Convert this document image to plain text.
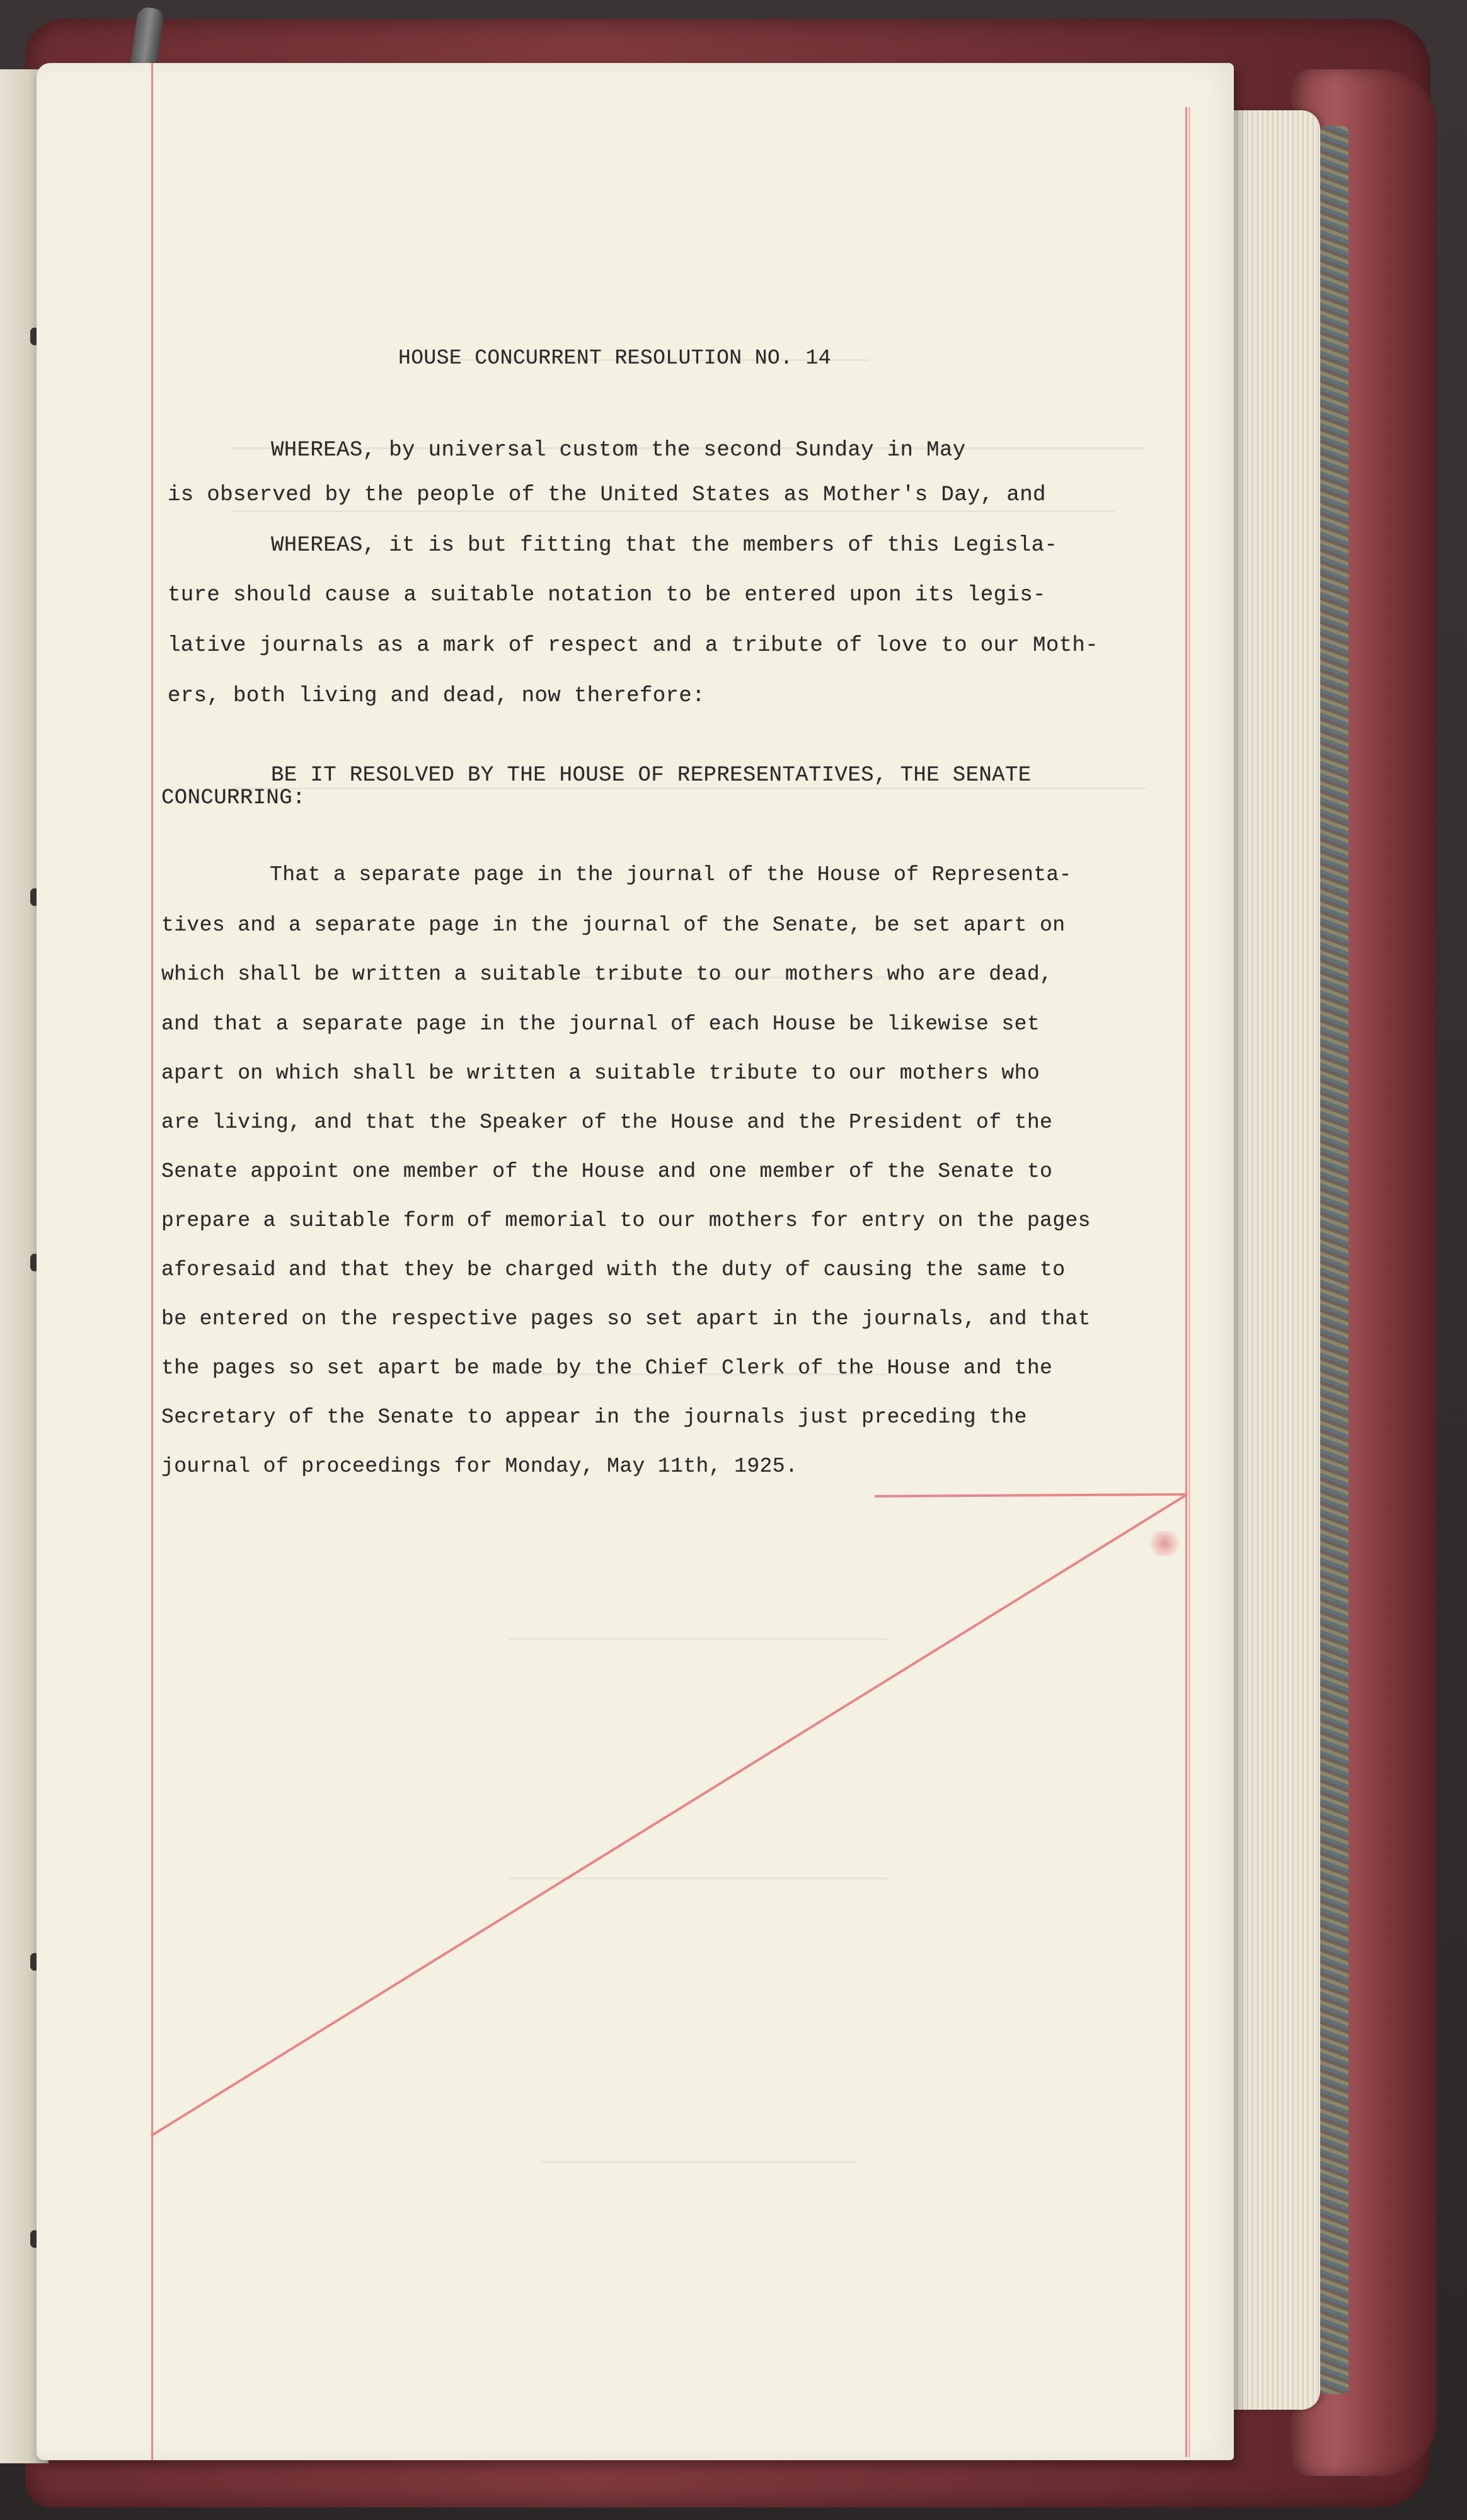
HOUSE CONCURRENT RESOLUTION NO. 14
WHEREAS, by universal custom the second Sunday in May
is observed by the people of the United States as Mother's Day, and
WHEREAS, it is but fitting that the members of this Legisla-
ture should cause a suitable notation to be entered upon its legis-
lative journals as a mark of respect and a tribute of love to our Moth-
ers, both living and dead, now therefore:
BE IT RESOLVED BY THE HOUSE OF REPRESENTATIVES, THE SENATE
CONCURRING:
That a separate page in the journal of the House of Representa-
tives and a separate page in the journal of the Senate, be set apart on
which shall be written a suitable tribute to our mothers who are dead,
and that a separate page in the journal of each House be likewise set
apart on which shall be written a suitable tribute to our mothers who
are living, and that the Speaker of the House and the President of the
Senate appoint one member of the House and one member of the Senate to
prepare a suitable form of memorial to our mothers for entry on the pages
aforesaid and that they be charged with the duty of causing the same to
be entered on the respective pages so set apart in the journals, and that
the pages so set apart be made by the Chief Clerk of the House and the
Secretary of the Senate to appear in the journals just preceding the
journal of proceedings for Monday, May 11th, 1925.
